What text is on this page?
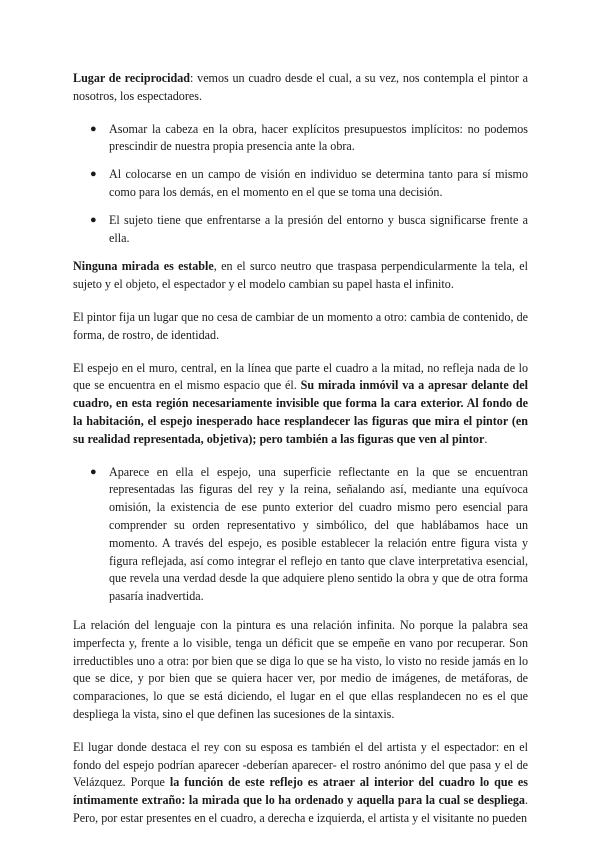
Lugar de reciprocidad: vemos un cuadro desde el cual, a su vez, nos contempla el pintor a nosotros, los espectadores.

● Asomar la cabeza en la obra, hacer explícitos presupuestos implícitos: no podemos prescindir de nuestra propia presencia ante la obra.
● Al colocarse en un campo de visión en individuo se determina tanto para sí mismo como para los demás, en el momento en el que se toma una decisión.
● El sujeto tiene que enfrentarse a la presión del entorno y busca significarse frente a ella.

Ninguna mirada es estable, en el surco neutro que traspasa perpendicularmente la tela, el sujeto y el objeto, el espectador y el modelo cambian su papel hasta el infinito.

El pintor fija un lugar que no cesa de cambiar de un momento a otro: cambia de contenido, de forma, de rostro, de identidad.

El espejo en el muro, central, en la línea que parte el cuadro a la mitad, no refleja nada de lo que se encuentra en el mismo espacio que él. Su mirada inmóvil va a apresar delante del cuadro, en esta región necesariamente invisible que forma la cara exterior. Al fondo de la habitación, el espejo inesperado hace resplandecer las figuras que mira el pintor (en su realidad representada, objetiva); pero también a las figuras que ven al pintor.

● Aparece en ella el espejo, una superficie reflectante en la que se encuentran representadas las figuras del rey y la reina, señalando así, mediante una equívoca omisión, la existencia de ese punto exterior del cuadro mismo pero esencial para comprender su orden representativo y simbólico, del que hablábamos hace un momento. A través del espejo, es posible establecer la relación entre figura vista y figura reflejada, así como integrar el reflejo en tanto que clave interpretativa esencial, que revela una verdad desde la que adquiere pleno sentido la obra y que de otra forma pasaría inadvertida.

La relación del lenguaje con la pintura es una relación infinita. No porque la palabra sea imperfecta y, frente a lo visible, tenga un déficit que se empeñe en vano por recuperar. Son irreductibles uno a otra: por bien que se diga lo que se ha visto, lo visto no reside jamás en lo que se dice, y por bien que se quiera hacer ver, por medio de imágenes, de metáforas, de comparaciones, lo que se está diciendo, el lugar en el que ellas resplandecen no es el que despliega la vista, sino el que definen las sucesiones de la sintaxis.

El lugar donde destaca el rey con su esposa es también el del artista y el espectador: en el fondo del espejo podrían aparecer -deberían aparecer- el rostro anónimo del que pasa y el de Velázquez. Porque la función de este reflejo es atraer al interior del cuadro lo que es íntimamente extraño: la mirada que lo ha ordenado y aquella para la cual se despliega. Pero, por estar presentes en el cuadro, a derecha e izquierda, el artista y el visitante no pueden
